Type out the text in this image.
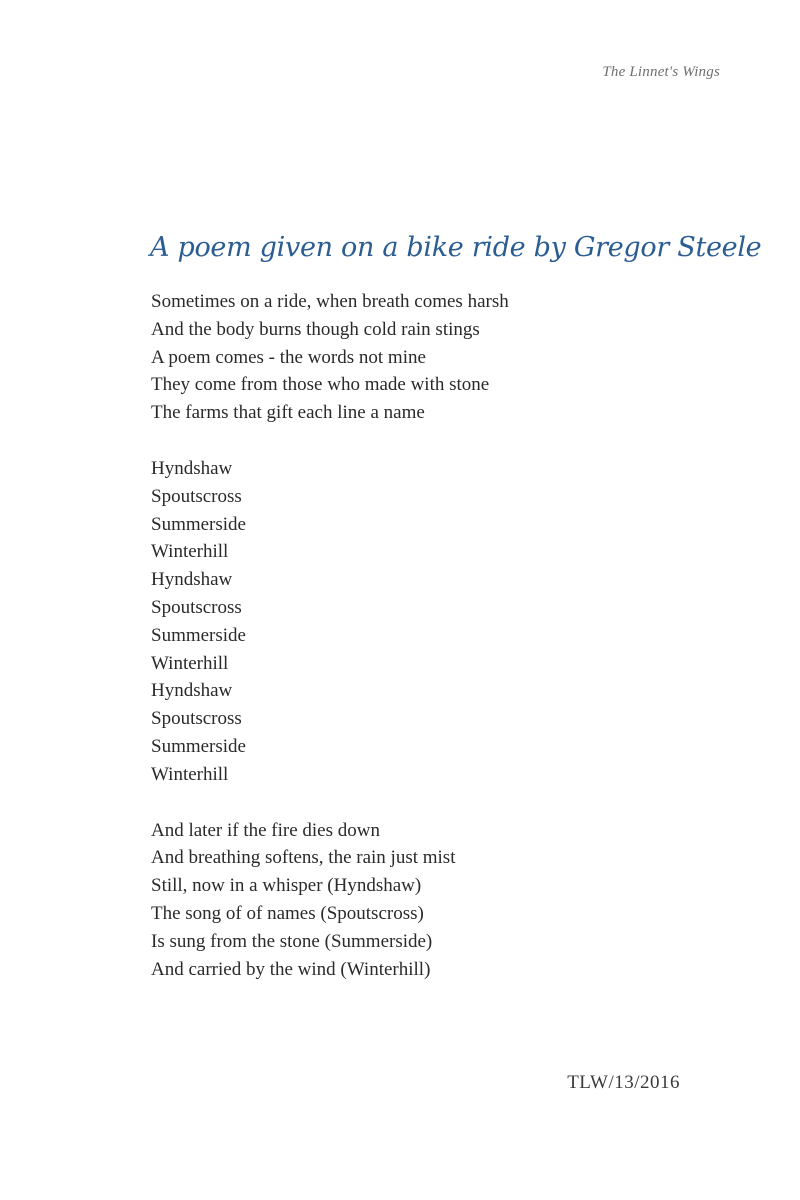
The Linnet's Wings
A poem given on a bike ride by Gregor Steele

Sometimes on a ride, when breath comes harsh
And the body burns though cold rain stings
A poem comes - the words not mine
They come from those who made with stone
The farms that gift each line a name

Hyndshaw
Spoutscross
Summerside
Winterhill
Hyndshaw
Spoutscross
Summerside
Winterhill
Hyndshaw
Spoutscross
Summerside
Winterhill

And later if the fire dies down
And breathing softens, the rain just mist
Still, now in a whisper (Hyndshaw)
The song of of names (Spoutscross)
Is sung from the stone (Summerside)
And carried by the wind (Winterhill)

TLW/13/2016
